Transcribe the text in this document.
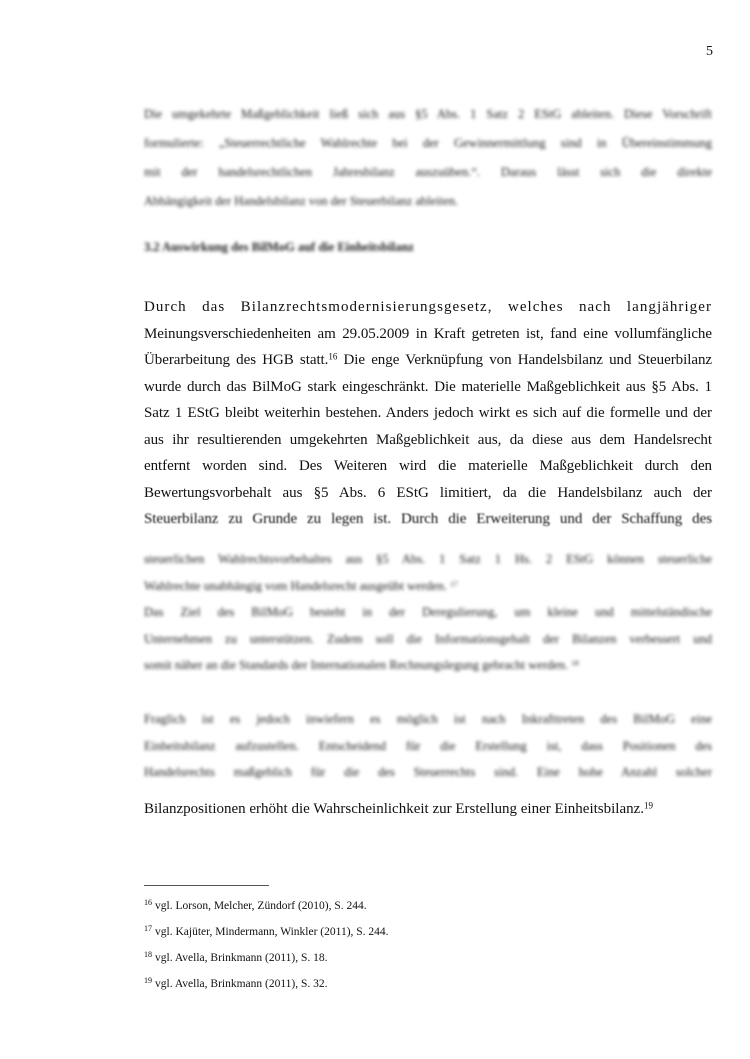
5
Die umgekehrte Maßgeblichkeit ließ sich aus §5 Abs. 1 Satz 2 EStG ableiten. Diese Vorschrift
formulierte: „Steuerrechtliche Wahlrechte bei der Gewinnermittlung sind in Übereinstimmung
mit der handelsrechtlichen Jahresbilanz auszuüben.“. Daraus lässt sich die direkte
Abhängigkeit der Handelsbilanz von der Steuerbilanz ableiten.
3.2 Auswirkung des BilMoG auf die Einheitsbilanz
Durch das Bilanzrechtsmodernisierungsgesetz, welches nach langjähriger
Meinungsverschiedenheiten am 29.05.2009 in Kraft getreten ist, fand eine vollumfängliche
Überarbeitung des HGB statt.$^{16}$ Die enge Verknüpfung von Handelsbilanz und Steuerbilanz
wurde durch das BilMoG stark eingeschränkt. Die materielle Maßgeblichkeit aus §5 Abs. 1
Satz 1 EStG bleibt weiterhin bestehen. Anders jedoch wirkt es sich auf die formelle und der
aus ihr resultierenden umgekehrten Maßgeblichkeit aus, da diese aus dem Handelsrecht
entfernt worden sind. Des Weiteren wird die materielle Maßgeblichkeit durch den
Bewertungsvorbehalt aus §5 Abs. 6 EStG limitiert, da die Handelsbilanz auch der
Steuerbilanz zu Grunde zu legen ist. Durch die Erweiterung und der Schaffung des
steuerlichen Wahlrechtsvorbehaltes aus §5 Abs. 1 Satz 1 Hs. 2 EStG können steuerliche
Wahlrechte unabhängig vom Handelsrecht ausgeübt werden. $^{17}$
Das Ziel des BilMoG besteht in der Deregulierung, um kleine und mittelständische
Unternehmen zu unterstützen. Zudem soll die Informationsgehalt der Bilanzen verbessert und
somit näher an die Standards der Internationalen Rechnungslegung gebracht werden. $^{18}$
Fraglich ist es jedoch inwiefern es möglich ist nach Inkrafttreten des BilMoG eine
Einheitsbilanz aufzustellen. Entscheidend für die Erstellung ist, dass Positionen des
Handelsrechts maßgeblich für die des Steuerrechts sind. Eine hohe Anzahl solcher
Bilanzpositionen erhöht die Wahrscheinlichkeit zur Erstellung einer Einheitsbilanz.$^{19}$
$^{16}$ vgl. Lorson, Melcher, Zündorf (2010), S. 244.
$^{17}$ vgl. Kajüter, Mindermann, Winkler (2011), S. 244.
$^{18}$ vgl. Avella, Brinkmann (2011), S. 18.
$^{19}$ vgl. Avella, Brinkmann (2011), S. 32.
